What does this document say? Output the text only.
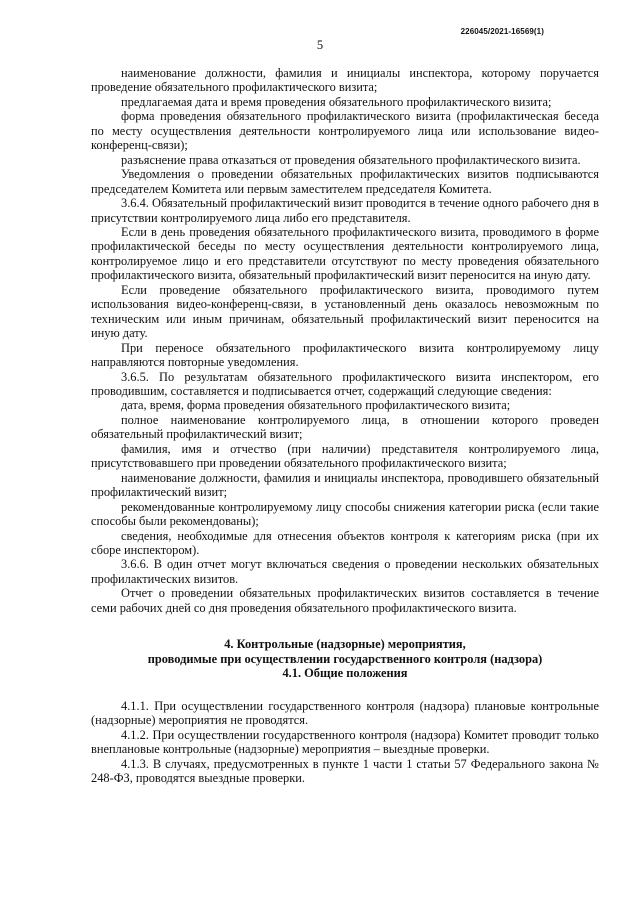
226045/2021-16569(1)
5

наименование должности, фамилия и инициалы инспектора, которому поручается проведение обязательного профилактического визита;

предлагаемая дата и время проведения обязательного профилактического визита;

форма проведения обязательного профилактического визита (профилактическая беседа по месту осуществления деятельности контролируемого лица или использование видео-конференц-связи);

разъяснение права отказаться от проведения обязательного профилактического визита.

Уведомления о проведении обязательных профилактических визитов подписываются председателем Комитета или первым заместителем председателя Комитета.

3.6.4. Обязательный профилактический визит проводится в течение одного рабочего дня в присутствии контролируемого лица либо его представителя.

Если в день проведения обязательного профилактического визита, проводимого в форме профилактической беседы по месту осуществления деятельности контролируемого лица, контролируемое лицо и его представители отсутствуют по месту проведения обязательного профилактического визита, обязательный профилактический визит переносится на иную дату.

Если проведение обязательного профилактического визита, проводимого путем использования видео-конференц-связи, в установленный день оказалось невозможным по техническим или иным причинам, обязательный профилактический визит переносится на иную дату.

При переносе обязательного профилактического визита контролируемому лицу направляются повторные уведомления.

3.6.5. По результатам обязательного профилактического визита инспектором, его проводившим, составляется и подписывается отчет, содержащий следующие сведения:

дата, время, форма проведения обязательного профилактического визита;

полное наименование контролируемого лица, в отношении которого проведен обязательный профилактический визит;

фамилия, имя и отчество (при наличии) представителя контролируемого лица, присутствовавшего при проведении обязательного профилактического визита;

наименование должности, фамилия и инициалы инспектора, проводившего обязательный профилактический визит;

рекомендованные контролируемому лицу способы снижения категории риска (если такие способы были рекомендованы);

сведения, необходимые для отнесения объектов контроля к категориям риска (при их сборе инспектором).

3.6.6. В один отчет могут включаться сведения о проведении нескольких обязательных профилактических визитов.

Отчет о проведении обязательных профилактических визитов составляется в течение семи рабочих дней со дня проведения обязательного профилактического визита.

4. Контрольные (надзорные) мероприятия,
проводимые при осуществлении государственного контроля (надзора)
4.1. Общие положения

4.1.1. При осуществлении государственного контроля (надзора) плановые контрольные (надзорные) мероприятия не проводятся.

4.1.2. При осуществлении государственного контроля (надзора) Комитет проводит только внеплановые контрольные (надзорные) мероприятия – выездные проверки.

4.1.3. В случаях, предусмотренных в пункте 1 части 1 статьи 57 Федерального закона № 248-ФЗ, проводятся выездные проверки.
